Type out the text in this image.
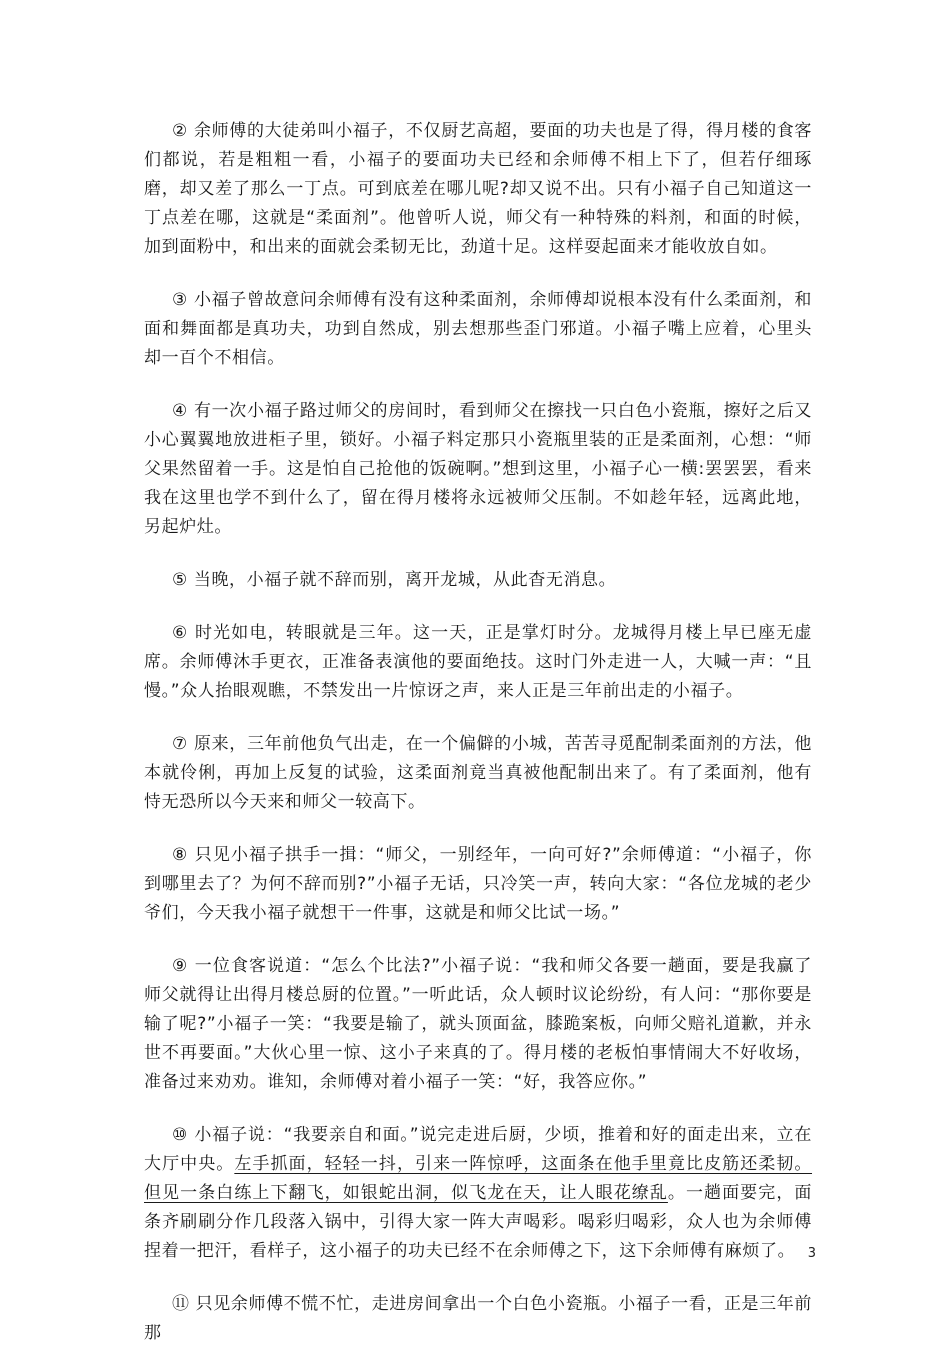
② 余师傅的大徒弟叫小福子，不仅厨艺高超，要面的功夫也是了得，得月楼的食客们都说，若是粗粗一看，小福子的要面功夫已经和余师傅不相上下了，但若仔细琢磨，却又差了那么一丁点。可到底差在哪儿呢?却又说不出。只有小福子自己知道这一丁点差在哪，这就是“柔面剂”。他曾听人说，师父有一种特殊的料剂，和面的时候，加到面粉中，和出来的面就会柔韧无比，劲道十足。这样耍起面来才能收放自如。

③ 小福子曾故意问余师傅有没有这种柔面剂，余师傅却说根本没有什么柔面剂，和面和舞面都是真功夫，功到自然成，别去想那些歪门邪道。小福子嘴上应着，心里头却一百个不相信。

④ 有一次小福子路过师父的房间时，看到师父在擦找一只白色小瓷瓶，擦好之后又小心翼翼地放进柜子里，锁好。小福子料定那只小瓷瓶里装的正是柔面剂，心想：“师父果然留着一手。这是怕自己抢他的饭碗啊。”想到这里，小福子心一横:罢罢罢，看来我在这里也学不到什么了，留在得月楼将永远被师父压制。不如趁年轻，远离此地，另起炉灶。

⑤ 当晚，小福子就不辞而别，离开龙城，从此杳无消息。

⑥ 时光如电，转眼就是三年。这一天，正是掌灯时分。龙城得月楼上早已座无虚席。余师傅沐手更衣，正准备表演他的要面绝技。这时门外走进一人，大喊一声：“且慢。”众人抬眼观瞧，不禁发出一片惊讶之声，来人正是三年前出走的小福子。

⑦ 原来，三年前他负气出走，在一个偏僻的小城，苦苦寻觅配制柔面剂的方法，他本就伶俐，再加上反复的试验，这柔面剂竟当真被他配制出来了。有了柔面剂，他有恃无恐所以今天来和师父一较高下。

⑧ 只见小福子拱手一揖：“师父，一别经年，一向可好?”余师傅道：“小福子，你到哪里去了？为何不辞而别?”小福子无话，只冷笑一声，转向大家：“各位龙城的老少爷们，今天我小福子就想干一件事，这就是和师父比试一场。”

⑨ 一位食客说道：“怎么个比法?”小福子说：“我和师父各要一趟面，要是我赢了师父就得让出得月楼总厨的位置。”一听此话，众人顿时议论纷纷，有人问：“那你要是输了呢?”小福子一笑：“我要是输了，就头顶面盆，膝跪案板，向师父赔礼道歉，并永世不再要面。”大伙心里一惊、这小子来真的了。得月楼的老板怕事情闹大不好收场，准备过来劝劝。谁知，余师傅对着小福子一笑：“好，我答应你。”

⑩ 小福子说：“我要亲自和面。”说完走进后厨，少顷，推着和好的面走出来，立在大厅中央。左手抓面，轻轻一抖，引来一阵惊呼，这面条在他手里竟比皮筋还柔韧。但见一条白练上下翻飞，如银蛇出洞，似飞龙在天，让人眼花缭乱。一趟面要完，面条齐刷刷分作几段落入锅中，引得大家一阵大声喝彩。喝彩归喝彩，众人也为余师傅捏着一把汗，看样子，这小福子的功夫已经不在余师傅之下，这下余师傅有麻烦了。

⑪ 只见余师傅不慌不忙，走进房间拿出一个白色小瓷瓶。小福子一看，正是三年前那

3
